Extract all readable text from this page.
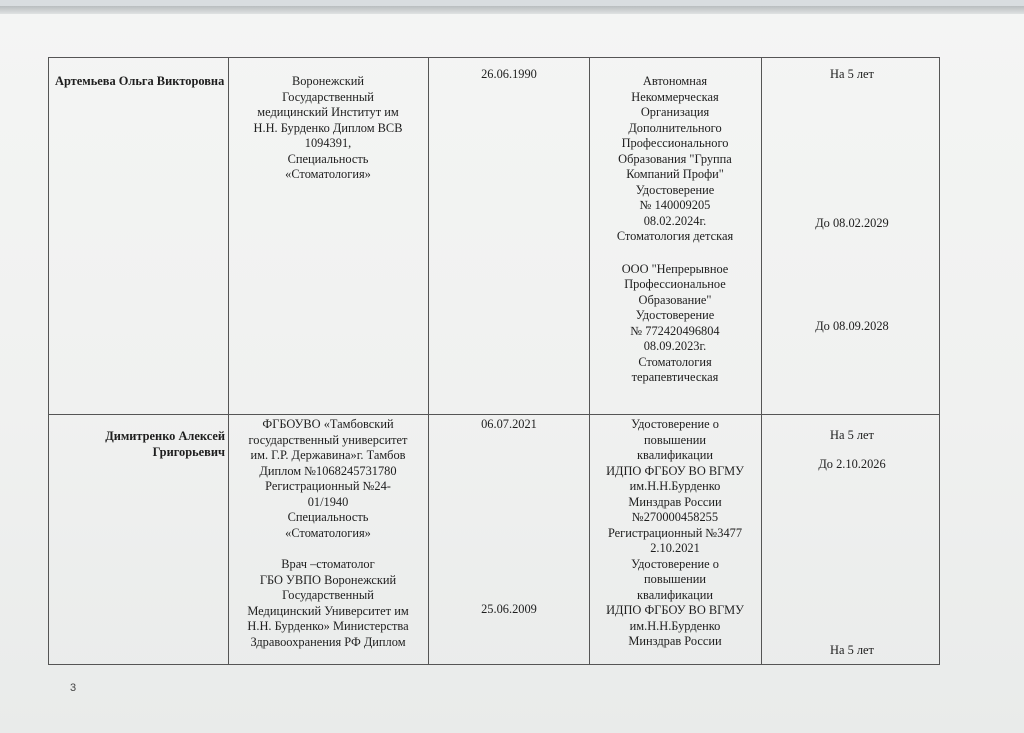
Артемьева Ольга Викторовна	Воронежский
Государственный
медицинский Институт им
Н.Н. Бурденко Диплом ВСВ
1094391,
Специальность
«Стоматология»
26.06.1990	Автономная
Некоммерческая
Организация
Дополнительного
Профессионального
Образования "Группа
Компаний Профи"
Удостоверение
№ 140009205
08.02.2024г.
Стоматология детская
ООО "Непрерывное
Профессиональное
Образование"
Удостоверение
№ 772420496804
08.09.2023г.
Стоматология
терапевтическая
На 5 лет
До 08.02.2029
До 08.09.2028
Димитренко Алексей Григорьевич
ФГБОУВО «Тамбовский
государственный университет
им. Г.Р. Державина»г. Тамбов
Диплом №1068245731780
Регистрационный №24-
01/1940
Специальность
«Стоматология»
Врач –стоматолог
ГБО УВПО Воронежский
Государственный
Медицинский Университет им
Н.Н. Бурденко» Министерства
Здравоохранения РФ Диплом
06.07.2021
25.06.2009
Удостоверение о
повышении
квалификации
ИДПО ФГБОУ ВО ВГМУ
им.Н.Н.Бурденко
Минздрав России
№270000458255
Регистрационный №3477
2.10.2021
Удостоверение о
повышении
квалификации
ИДПО ФГБОУ ВО ВГМУ
им.Н.Н.Бурденко
Минздрав России
На 5 лет
До 2.10.2026
На 5 лет
3
